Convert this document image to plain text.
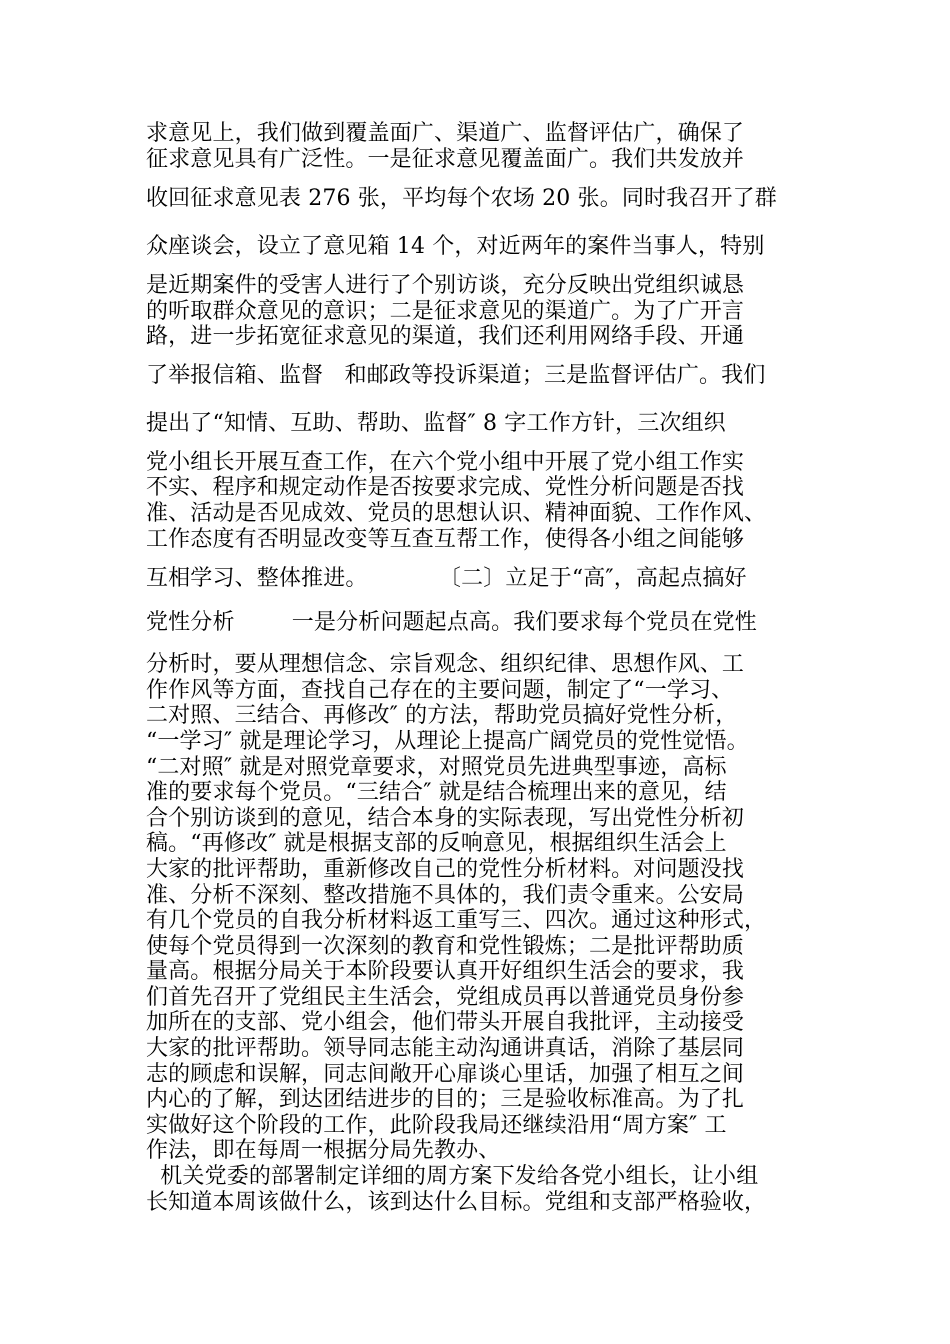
求意见上，我们做到覆盖面广、渠道广、监督评估广，确保了
征求意见具有广泛性。一是征求意见覆盖面广。我们共发放并
收回征求意见表 276 张，平均每个农场 20 张。同时我召开了群
众座谈会，设立了意见箱 14 个，对近两年的案件当事人，特别
是近期案件的受害人进行了个别访谈，充分反映出党组织诚恳
的听取群众意见的意识；二是征求意见的渠道广。为了广开言
路，进一步拓宽征求意见的渠道，我们还利用网络手段、开通
了举报信箱、监督   和邮政等投诉渠道；三是监督评估广。我们
提出了“知情、互助、帮助、监督″ 8 字工作方针，三次组织
党小组长开展互查工作，在六个党小组中开展了党小组工作实
不实、程序和规定动作是否按要求完成、党性分析问题是否找
准、活动是否见成效、党员的思想认识、精神面貌、工作作风、
工作态度有否明显改变等互查互帮工作，使得各小组之间能够
互相学习、整体推进。          〔二〕立足于“高″，高起点搞好
党性分析        一是分析问题起点高。我们要求每个党员在党性
分析时，要从理想信念、宗旨观念、组织纪律、思想作风、工
作作风等方面，查找自己存在的主要问题，制定了“一学习、
二对照、三结合、再修改″ 的方法，帮助党员搞好党性分析，
“一学习″ 就是理论学习，从理论上提高广阔党员的党性觉悟。
“二对照″ 就是对照党章要求，对照党员先进典型事迹，高标
准的要求每个党员。“三结合″ 就是结合梳理出来的意见，结
合个别访谈到的意见，结合本身的实际表现，写出党性分析初
稿。“再修改″ 就是根据支部的反响意见，根据组织生活会上
大家的批评帮助，重新修改自己的党性分析材料。对问题没找
准、分析不深刻、整改措施不具体的，我们责令重来。公安局
有几个党员的自我分析材料返工重写三、四次。通过这种形式，
使每个党员得到一次深刻的教育和党性锻炼；二是批评帮助质
量高。根据分局关于本阶段要认真开好组织生活会的要求，我
们首先召开了党组民主生活会，党组成员再以普通党员身份参
加所在的支部、党小组会，他们带头开展自我批评，主动接受
大家的批评帮助。领导同志能主动沟通讲真话，消除了基层同
志的顾虑和误解，同志间敞开心扉谈心里话，加强了相互之间
内心的了解，到达团结进步的目的；三是验收标准高。为了扎
实做好这个阶段的工作，此阶段我局还继续沿用“周方案″ 工
作法，即在每周一根据分局先教办、
机关党委的部署制定详细的周方案下发给各党小组长，让小组
长知道本周该做什么，该到达什么目标。党组和支部严格验收，
